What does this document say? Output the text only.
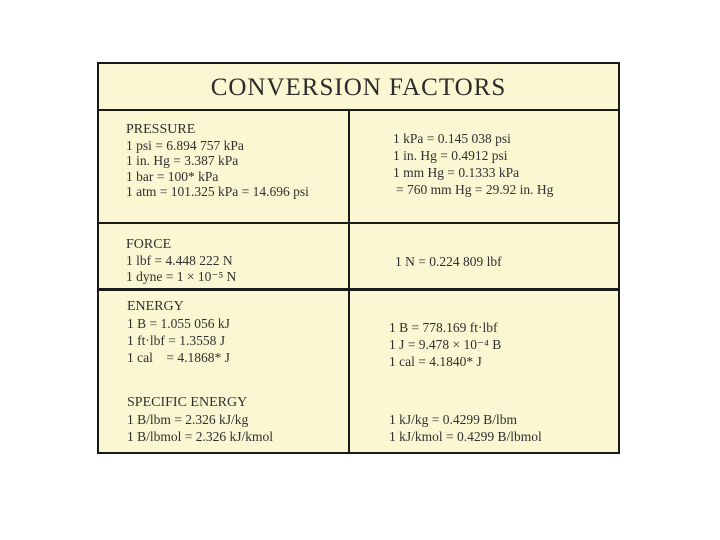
CONVERSION FACTORS
PRESSURE
1 psi = 6.894 757 kPa
1 in. Hg = 3.387 kPa
1 bar = 100* kPa
1 atm = 101.325 kPa = 14.696 psi
1 kPa = 0.145 038 psi
1 in. Hg = 0.4912 psi
1 mm Hg = 0.1333 kPa
= 760 mm Hg = 29.92 in. Hg
FORCE
1 lbf = 4.448 222 N
1 dyne = 1 × 10⁻⁵ N
1 N = 0.224 809 lbf
ENERGY
1 B = 1.055 056 kJ
1 ft·lbf = 1.3558 J
1 cal    = 4.1868* J
1 B = 778.169 ft·lbf
1 J = 9.478 × 10⁻⁴ B
1 cal = 4.1840* J
SPECIFIC ENERGY
1 B/lbm = 2.326 kJ/kg
1 B/lbmol = 2.326 kJ/kmol
1 kJ/kg = 0.4299 B/lbm
1 kJ/kmol = 0.4299 B/lbmol
